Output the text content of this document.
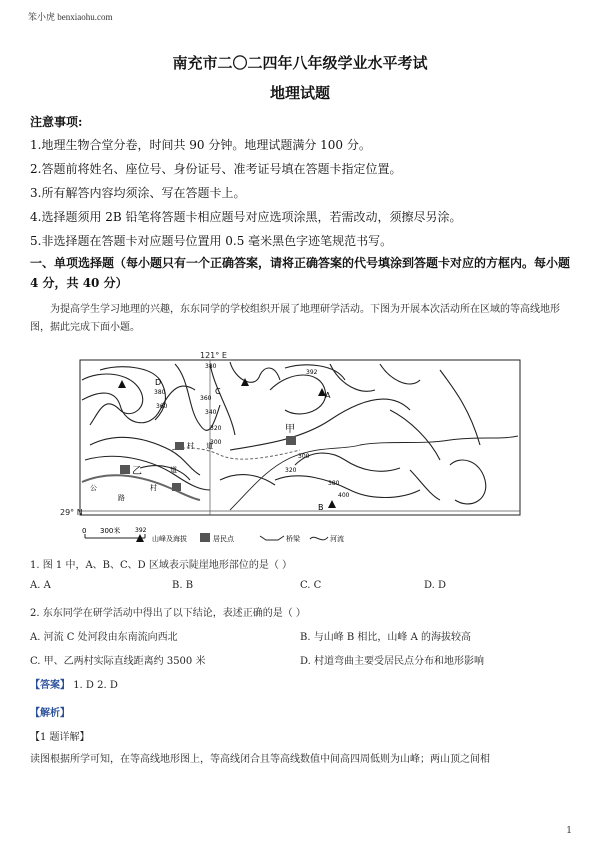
笨小虎 benxiaohu.com
南充市二〇二四年八年级学业水平考试
地理试题
注意事项:
1.地理生物合堂分卷，时间共 90 分钟。地理试题满分 100 分。
2.答题前将姓名、座位号、身份证号、准考证号填在答题卡指定位置。
3.所有解答内容均须涂、写在答题卡上。
4.选择题须用 2B 铅笔将答题卡相应题号对应选项涂黑，若需改动，须擦尽另涂。
5.非选择题在答题卡对应题号位置用 0.5 毫米黑色字迹笔规范书写。
一、单项选择题（每小题只有一个正确答案，请将正确答案的代号填涂到答题卡对应的方框内。每小题 4 分，共 40 分）
为提高学生学习地理的兴趣，东东同学的学校组织开展了地理研学活动。下图为开展本次活动所在区域的等高线地形图，据此完成下面小题。
121° E
29° N
A
B
C
D
甲
乙
村 道
村
道
公
路
380
360
392
380
360
340
320
300
300
320
380
400
0 300米 392
山峰及海拔	居民点	桥梁	河流
1. 图 1 中，A、B、C、D 区域表示陡崖地形部位的是（ ）
A. A	B. B	C. C	D. D
2. 东东同学在研学活动中得出了以下结论，表述正确的是（ ）
A. 河流 C 处河段由东南流向西北	B. 与山峰 B 相比，山峰 A 的海拔较高
C. 甲、乙两村实际直线距离约 3500 米	D. 村道弯曲主要受居民点分布和地形影响
【答案】 1. D 2. D
【解析】
【1 题详解】
读图根据所学可知，在等高线地形图上，等高线闭合且等高线数值中间高四周低则为山峰；两山顶之间相
1
